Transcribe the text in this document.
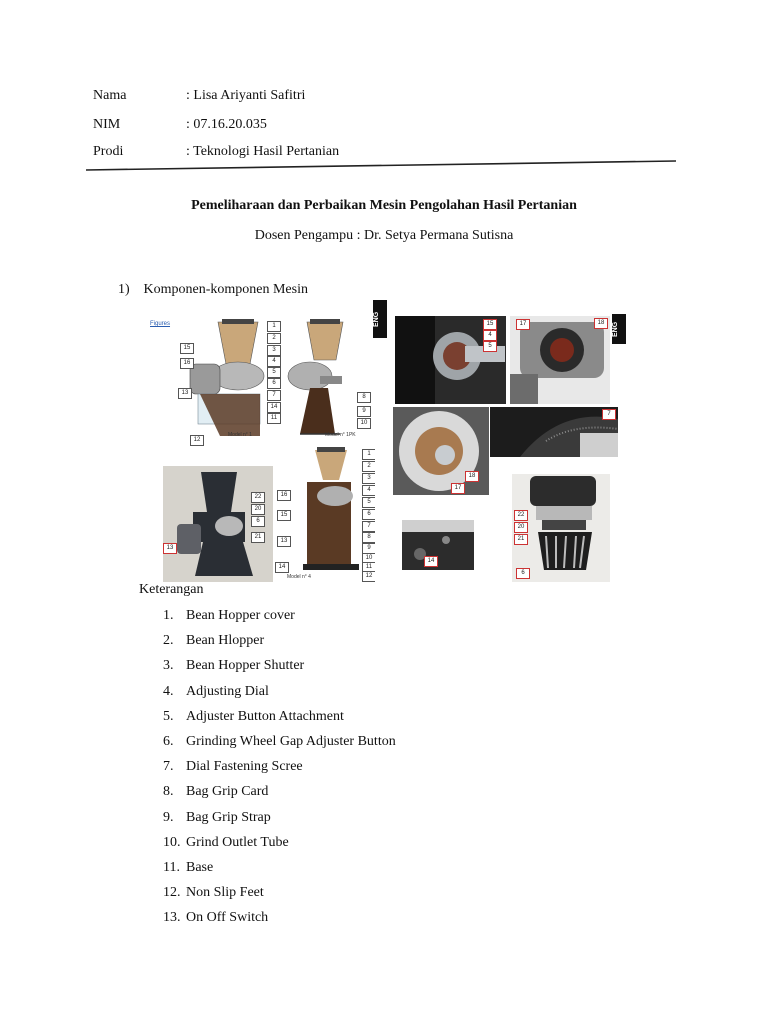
Nama	: Lisa Ariyanti Safitri
NIM	: 07.16.20.035
Prodi	: Teknologi Hasil Pertanian
Pemeliharaan dan Perbaikan Mesin Pengolahan Hasil Pertanian
Dosen Pengampu : Dr. Setya Permana Sutisna
1) Komponen-komponen Mesin
Figures	1
2
3
4
5
6
7
14
11
15
16
13
12
8
9
10
Model n° 1	Model n° 1PK
ENG	15
4
5
17	18	ENG
18
17
7
22
20
6
21
13
1
2
3
4
5
6
7
8
9
10
11
12
16
15
13
14
Model n° 4
14
22
20
21
6
Keterangan
1. Bean Hopper cover
2. Bean Hlopper
3. Bean Hopper Shutter
4. Adjusting Dial
5. Adjuster Button Attachment
6. Grinding Wheel Gap Adjuster Button
7. Dial Fastening Scree
8. Bag Grip Card
9. Bag Grip Strap
10. Grind Outlet Tube
11. Base
12. Non Slip Feet
13. On Off Switch
